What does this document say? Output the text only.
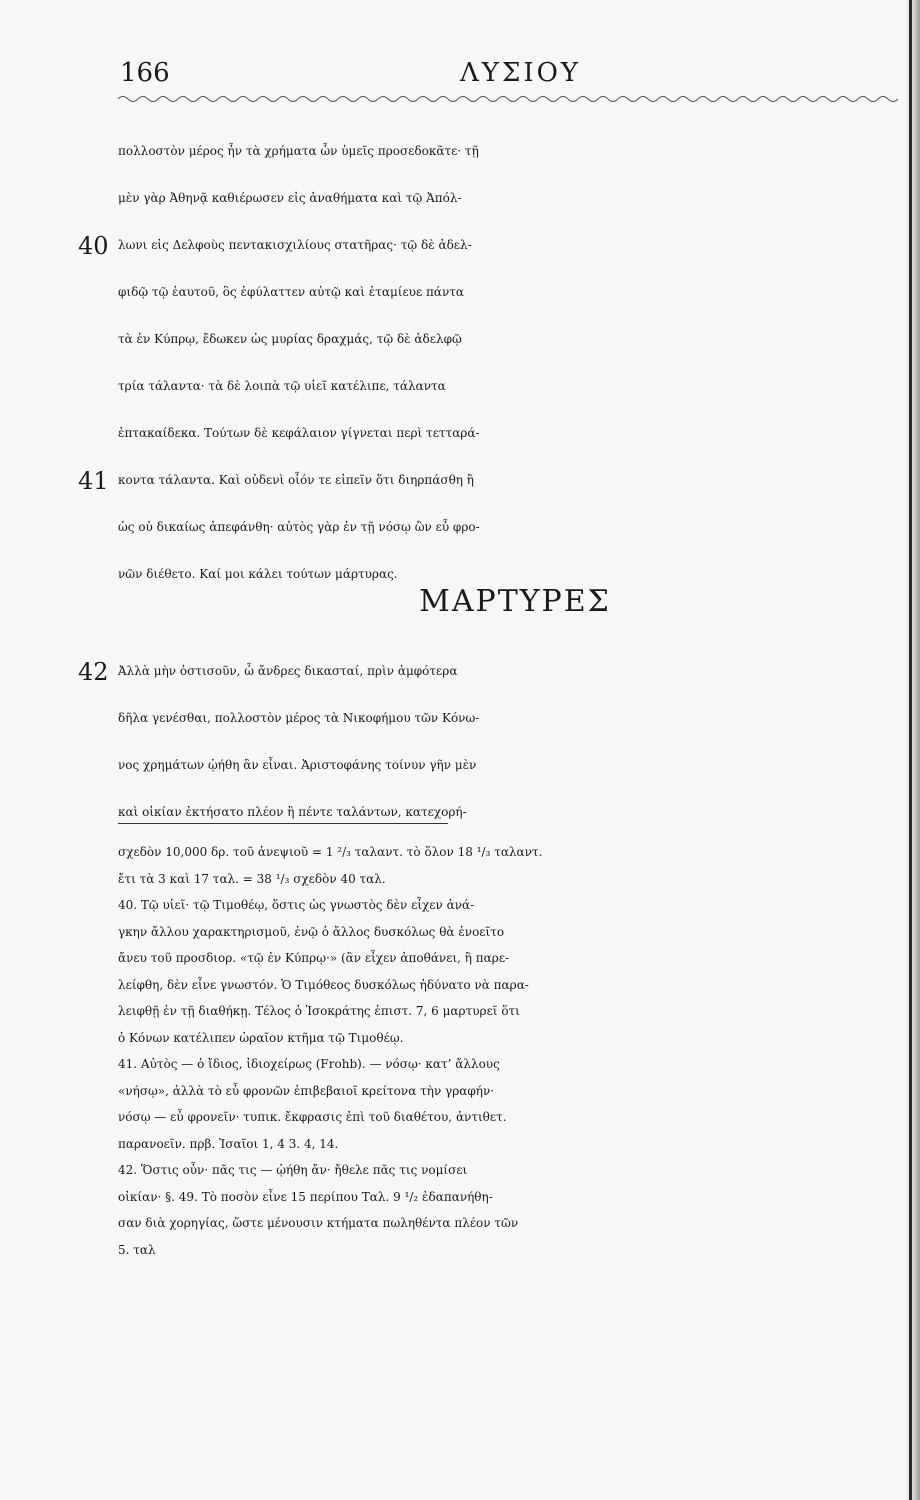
166	ΛΥΣΙΟΥ
πολλοστὸν μέρος ἦν τὰ χρήματα ὧν ὑμεῖς προσεδοκᾶτε· τῇ
μὲν γὰρ Ἀθηνᾷ καθιέρωσεν εἰς ἀναθήματα καὶ τῷ Ἀπόλ-
40 λωνι εἰς Δελφοὺς πεντακισχιλίους στατῆρας· τῷ δὲ ἀδελ-
φιδῷ τῷ ἑαυτοῦ, ὃς ἐφύλαττεν αὐτῷ καὶ ἐταμίευε πάντα
τὰ ἐν Κύπρῳ, ἔδωκεν ὡς μυρίας δραχμάς, τῷ δὲ ἀδελφῷ
τρία τάλαντα· τὰ δὲ λοιπὰ τῷ υἱεῖ κατέλιπε, τάλαντα
ἑπτακαίδεκα. Τούτων δὲ κεφάλαιον γίγνεται περὶ τετταρά-
41 κοντα τάλαντα. Καὶ οὐδενὶ οἷόν τε εἰπεῖν ὅτι διηρπάσθη ἢ
ὡς οὐ δικαίως ἀπεφάνθη· αὐτὸς γὰρ ἐν τῇ νόσῳ ὢν εὖ φρο-
νῶν διέθετο. Καί μοι κάλει τούτων μάρτυρας.
ΜΑΡΤΥΡΕΣ
42 Ἀλλὰ μὴν ὁστισοῦν, ὦ ἄνδρες δικασταί, πρὶν ἀμφότερα
δῆλα γενέσθαι, πολλοστὸν μέρος τὰ Νικοφήμου τῶν Κόνω-
νος χρημάτων ᾠήθη ἂν εἶναι. Ἀριστοφάνης τοίνυν γῆν μὲν
καὶ οἰκίαν ἐκτήσατο πλέον ἢ πέντε ταλάντων, κατεχορή-
σχεδὸν 10,000 δρ. τοῦ ἀνεψιοῦ = 1 ²/₃ ταλαντ. τὸ ὅλον 18 ¹/₃ ταλαντ.
ἔτι τὰ 3 καὶ 17 ταλ. = 38 ¹/₃ σχεδὸν 40 ταλ.
40. Τῷ υἱεῖ· τῷ Τιμοθέῳ, ὅστις ὡς γνωστὸς δὲν εἶχεν ἀνά-
γκην ἄλλου χαρακτηρισμοῦ, ἐνῷ ὁ ἄλλος δυσκόλως θὰ ἐνοεῖτο
ἄνευ τοῦ προσδιορ. «τῷ ἐν Κύπρῳ·» (ἂν εἶχεν ἀποθάνει, ἢ παρε-
λείφθη, δὲν εἶνε γνωστόν. Ὁ Τιμόθεος δυσκόλως ἠδύνατο νὰ παρα-
λειφθῇ ἐν τῇ διαθήκῃ. Τέλος ὁ Ἰσοκράτης ἐπιστ. 7, 6 μαρτυρεῖ ὅτι
ὁ Κόνων κατέλιπεν ὡραῖον κτῆμα τῷ Τιμοθέῳ.
41. Αὐτὸς — ὁ ἴδιος, ἰδιοχείρως (Frohb). — νόσῳ· κατ’ ἄλλους
«νήσῳ», ἀλλὰ τὸ εὖ φρονῶν ἐπιβεβαιοῖ κρείτονα τὴν γραφήν·
νόσῳ — εὖ φρονεῖν· τυπικ. ἔκφρασις ἐπὶ τοῦ διαθέτου, ἀντιθετ.
παρανοεῖν. πρβ. Ἰσαῖοι 1, 4 3. 4, 14.
42. Ὅστις οὖν· πᾶς τις — ᾠήθη ἄν· ἤθελε πᾶς τις νομίσει
οἰκίαν· §. 49. Τὸ ποσὸν εἶνε 15 περίπου Ταλ. 9 ¹/₂ ἐδαπανήθη-
σαν διὰ χορηγίας, ὥστε μένουσιν κτήματα πωληθέντα πλέον τῶν
5. ταλ
